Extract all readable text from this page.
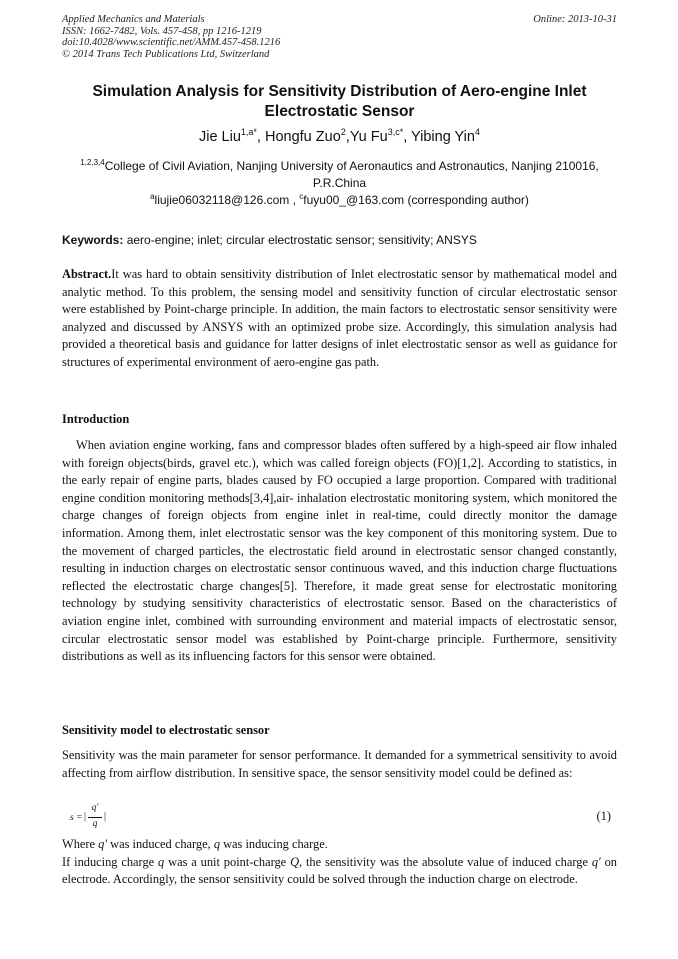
Applied Mechanics and Materials
ISSN: 1662-7482, Vols. 457-458, pp 1216-1219
doi:10.4028/www.scientific.net/AMM.457-458.1216
© 2014 Trans Tech Publications Ltd, Switzerland
Online: 2013-10-31
Simulation Analysis for Sensitivity Distribution of Aero-engine Inlet
Electrostatic Sensor
Jie Liu$^{1,a*}$, Hongfu Zuo$^2$,Yu $Fu^{3,c*}$, Yibing Yin$^4$
$^{1,2,3,4}$College of Civil Aviation, Nanjing University of Aeronautics and Astronautics, Nanjing 210016,
P.R.China
$^a$liujie06032118@126.com , $^c$fuyu00_@163.com (corresponding author)
Keywords: aero-engine; inlet; circular electrostatic sensor; sensitivity; ANSYS

Abstract.It was hard to obtain sensitivity distribution of Inlet electrostatic sensor by mathematical model and analytic method. To this problem, the sensing model and sensitivity function of circular electrostatic sensor were established by Point-charge principle. In addition, the main factors to electrostatic sensor sensitivity were analyzed and discussed by ANSYS with an optimized probe size. Accordingly, this simulation analysis had provided a theoretical basis and guidance for latter designs of inlet electrostatic sensor as well as guidance for structures of experimental environment of aero-engine gas path.

Introduction

When aviation engine working, fans and compressor blades often suffered by a high-speed air flow inhaled with foreign objects(birds, gravel etc.), which was called foreign objects (FO)[1,2]. According to statistics, in the early repair of engine parts, blades caused by FO occupied a large proportion. Compared with traditional engine condition monitoring methods[3,4],air- inhalation electrostatic monitoring system, which monitored the charge changes of foreign objects from engine inlet in real-time, could directly monitor the damage information. Among them, inlet electrostatic sensor was the key component of this monitoring system. Due to the movement of charged particles, the electrostatic field around in electrostatic sensor changed constantly, resulting in induction charges on electrostatic sensor continuous waved, and this induction charge fluctuations reflected the electrostatic charge changes[5]. Therefore, it made great sense for electrostatic monitoring technology by studying sensitivity characteristics of electrostatic sensor. Based on the characteristics of aviation engine inlet, combined with surrounding environment and material impacts of electrostatic sensor, circular electrostatic sensor model was established by Point-charge principle. Furthermore, sensitivity distributions as well as its influencing factors for this sensor were obtained.

Sensitivity model to electrostatic sensor

Sensitivity was the main parameter for sensor performance. It demanded for a symmetrical sensitivity to avoid affecting from airflow distribution. In sensitive space, the sensor sensitivity model could be defined as:

s = |
q′
q
|	(1)

Where q′ was induced charge, q was inducing charge.

If inducing charge q was a unit point-charge Q, the sensitivity was the absolute value of induced charge q′ on electrode. Accordingly, the sensor sensitivity could be solved through the induction charge on electrode.
